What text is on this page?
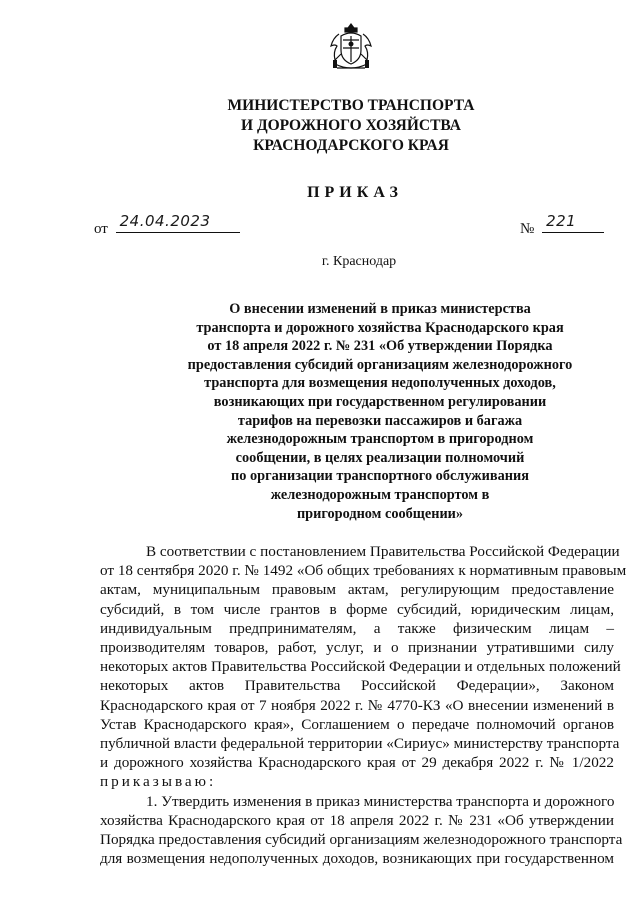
МИНИСТЕРСТВО ТРАНСПОРТА
И ДОРОЖНОГО ХОЗЯЙСТВА
КРАСНОДАРСКОГО КРАЯ
ПРИКАЗ
от 24.04.2023	№ 221
г. Краснодар
О внесении изменений в приказ министерства
транспорта и дорожного хозяйства Краснодарского края
от 18 апреля 2022 г. № 231 «Об утверждении Порядка
предоставления субсидий организациям железнодорожного
транспорта для возмещения недополученных доходов,
возникающих при государственном регулировании
тарифов на перевозки пассажиров и багажа
железнодорожным транспортом в пригородном
сообщении, в целях реализации полномочий
по организации транспортного обслуживания
железнодорожным транспортом в
пригородном сообщении»
В соответствии с постановлением Правительства Российской Федерации
от 18 сентября 2020 г. № 1492 «Об общих требованиях к нормативным правовым
актам, муниципальным правовым актам, регулирующим предоставление
субсидий, в том числе грантов в форме субсидий, юридическим лицам,
индивидуальным предпринимателям, а также физическим лицам –
производителям товаров, работ, услуг, и о признании утратившими силу
некоторых актов Правительства Российской Федерации и отдельных положений
некоторых актов Правительства Российской Федерации», Законом
Краснодарского края от 7 ноября 2022 г. № 4770-КЗ «О внесении изменений в
Устав Краснодарского края», Соглашением о передаче полномочий органов
публичной власти федеральной территории «Сириус» министерству транспорта
и дорожного хозяйства Краснодарского края от 29 декабря 2022 г. № 1/2022
приказываю:
1. Утвердить изменения в приказ министерства транспорта и дорожного
хозяйства Краснодарского края от 18 апреля 2022 г. № 231 «Об утверждении
Порядка предоставления субсидий организациям железнодорожного транспорта
для возмещения недополученных доходов, возникающих при государственном
